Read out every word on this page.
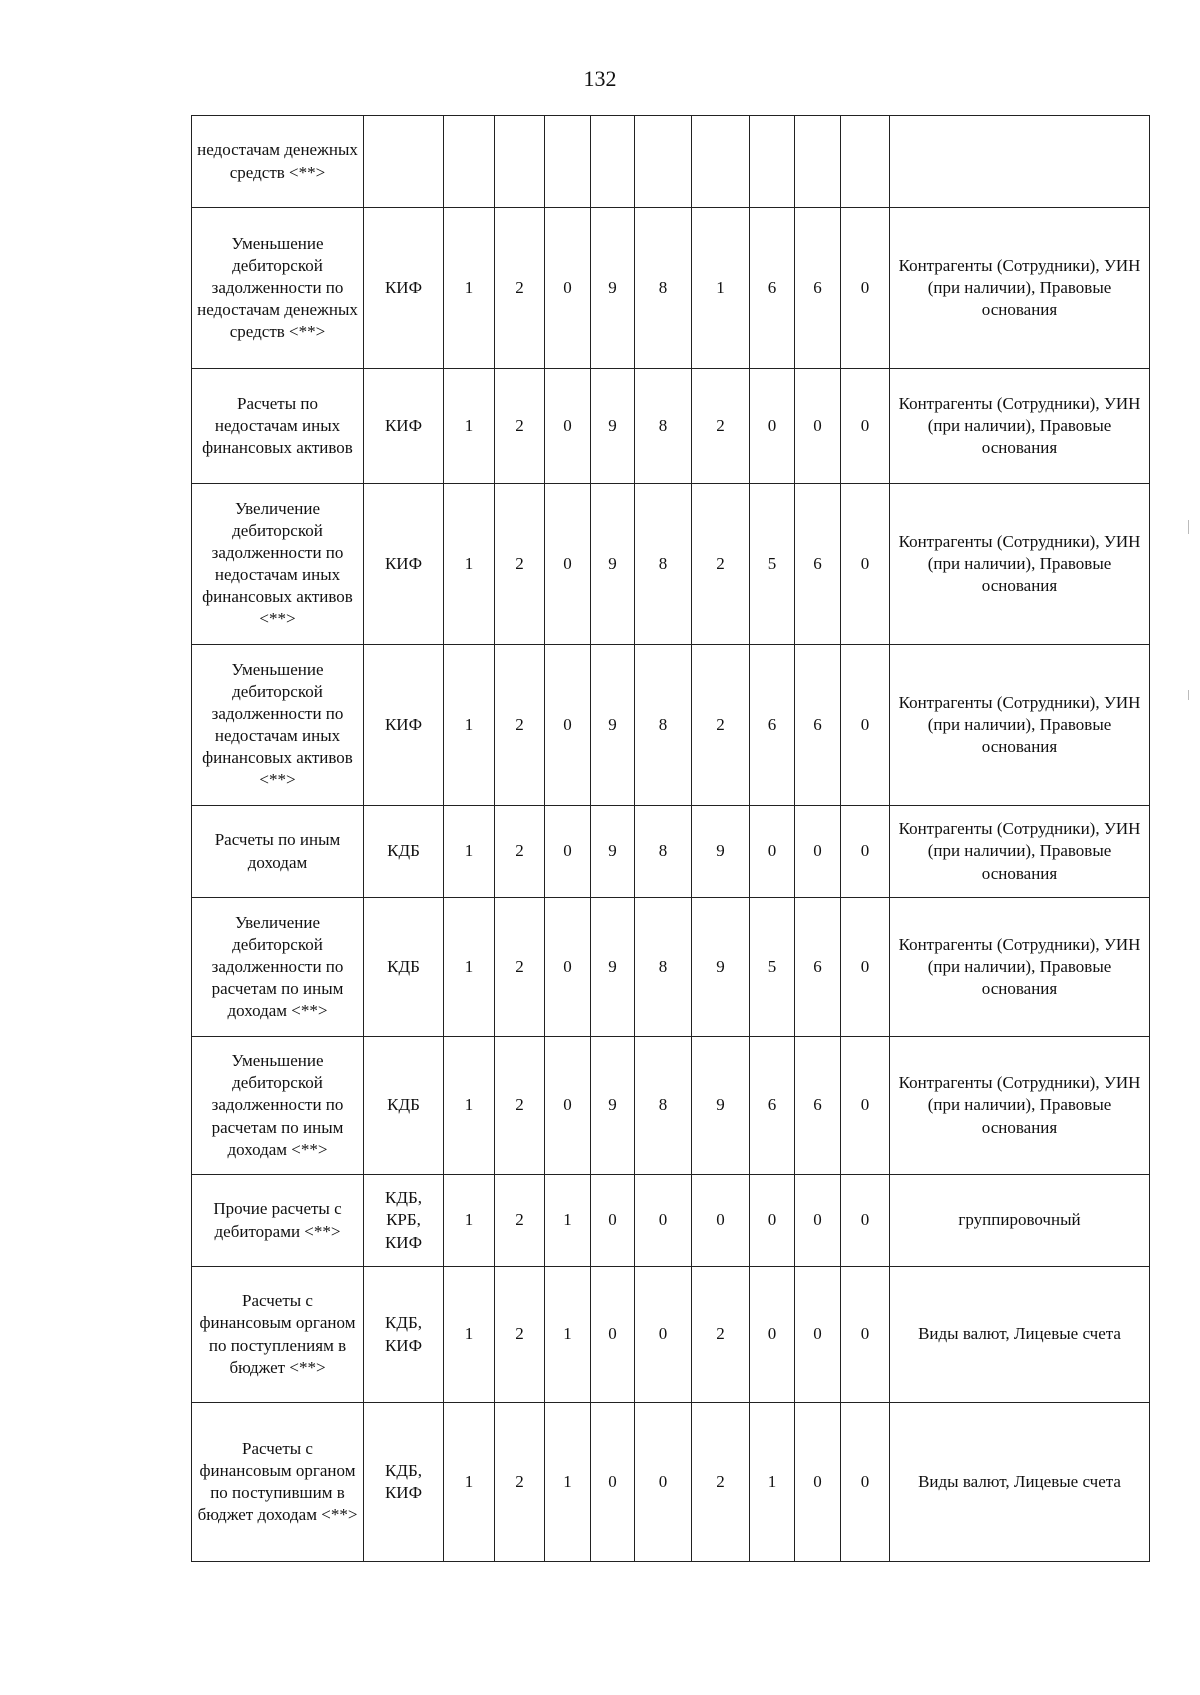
132
недостачам денежных средств <**>											
Уменьшение дебиторской задолженности по недостачам денежных средств <**>	КИФ	1	2	0	9	8	1	6	6	0	Контрагенты (Сотрудники), УИН (при наличии), Правовые основания
Расчеты по недостачам иных финансовых активов	КИФ	1	2	0	9	8	2	0	0	0	Контрагенты (Сотрудники), УИН (при наличии), Правовые основания
Увеличение дебиторской задолженности по недостачам иных финансовых активов <**>	КИФ	1	2	0	9	8	2	5	6	0	Контрагенты (Сотрудники), УИН (при наличии), Правовые основания
Уменьшение дебиторской задолженности по недостачам иных финансовых активов <**>	КИФ	1	2	0	9	8	2	6	6	0	Контрагенты (Сотрудники), УИН (при наличии), Правовые основания
Расчеты по иным доходам	КДБ	1	2	0	9	8	9	0	0	0	Контрагенты (Сотрудники), УИН (при наличии), Правовые основания
Увеличение дебиторской задолженности по расчетам по иным доходам <**>	КДБ	1	2	0	9	8	9	5	6	0	Контрагенты (Сотрудники), УИН (при наличии), Правовые основания
Уменьшение дебиторской задолженности по расчетам по иным доходам <**>	КДБ	1	2	0	9	8	9	6	6	0	Контрагенты (Сотрудники), УИН (при наличии), Правовые основания
Прочие расчеты с дебиторами <**>	КДБ, КРБ, КИФ	1	2	1	0	0	0	0	0	0	группировочный
Расчеты с финансовым органом по поступлениям в бюджет <**>	КДБ, КИФ	1	2	1	0	0	2	0	0	0	Виды валют, Лицевые счета
Расчеты с финансовым органом по поступившим в бюджет доходам <**>	КДБ, КИФ	1	2	1	0	0	2	1	0	0	Виды валют, Лицевые счета
